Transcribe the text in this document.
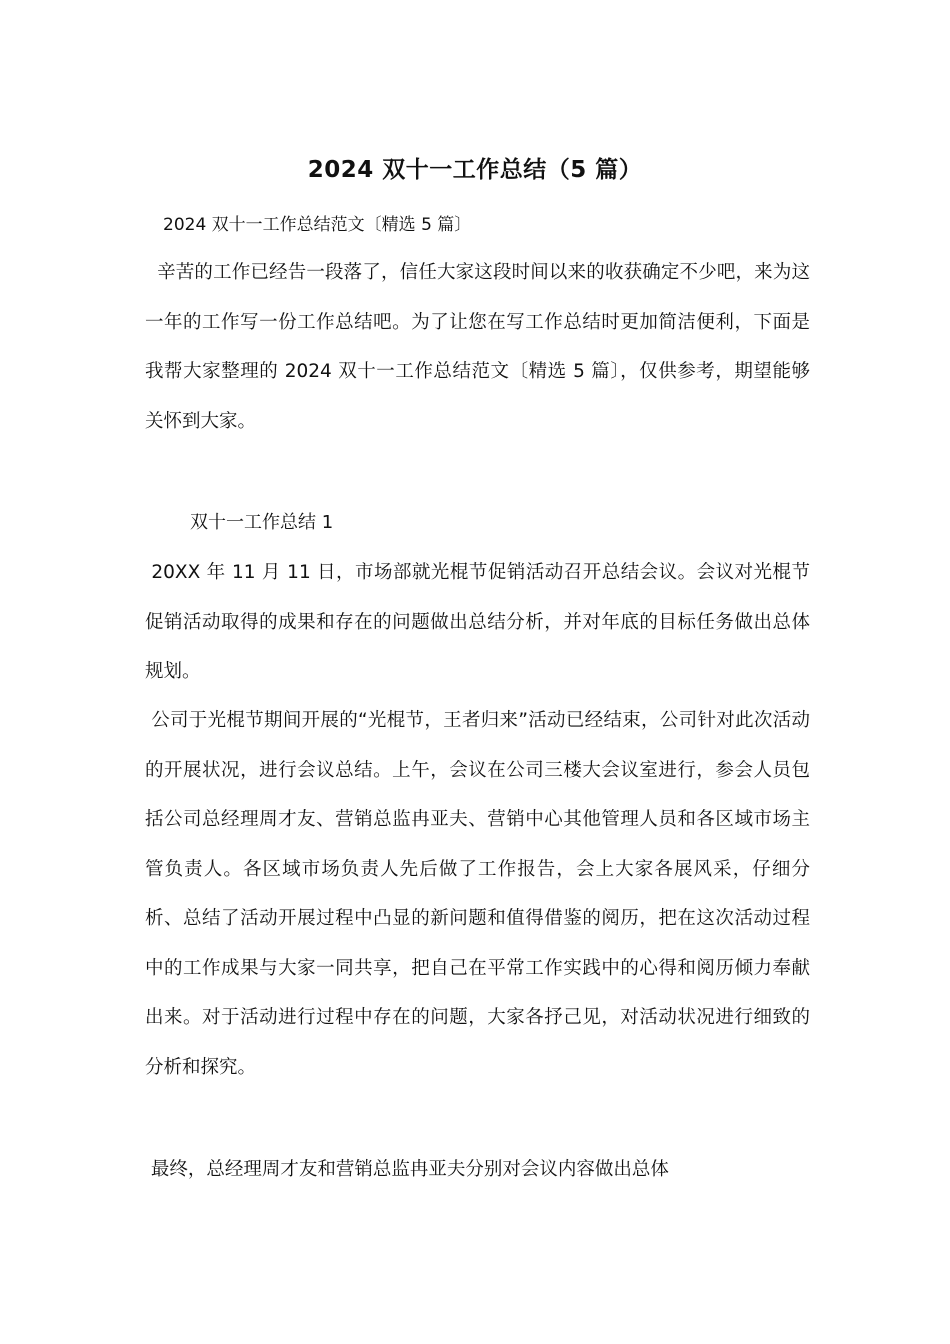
2024 双十一工作总结（5 篇）
2024 双十一工作总结范文〔精选 5 篇〕
辛苦的工作已经告一段落了，信任大家这段时间以来的收获确定不少吧，来为这一年的工作写一份工作总结吧。为了让您在写工作总结时更加简洁便利，下面是我帮大家整理的 2024 双十一工作总结范文〔精选 5 篇〕，仅供参考，期望能够关怀到大家。
双十一工作总结 1
20XX 年 11 月 11 日，市场部就光棍节促销活动召开总结会议。会议对光棍节促销活动取得的成果和存在的问题做出总结分析，并对年底的目标任务做出总体规划。
公司于光棍节期间开展的“光棍节，王者归来”活动已经结束，公司针对此次活动的开展状况，进行会议总结。上午，会议在公司三楼大会议室进行，参会人员包括公司总经理周才友、营销总监冉亚夫、营销中心其他管理人员和各区域市场主管负责人。各区域市场负责人先后做了工作报告，会上大家各展风采，仔细分析、总结了活动开展过程中凸显的新问题和值得借鉴的阅历，把在这次活动过程中的工作成果与大家一同共享，把自己在平常工作实践中的心得和阅历倾力奉献出来。对于活动进行过程中存在的问题，大家各抒己见，对活动状况进行细致的分析和探究。
最终，总经理周才友和营销总监冉亚夫分别对会议内容做出总体
